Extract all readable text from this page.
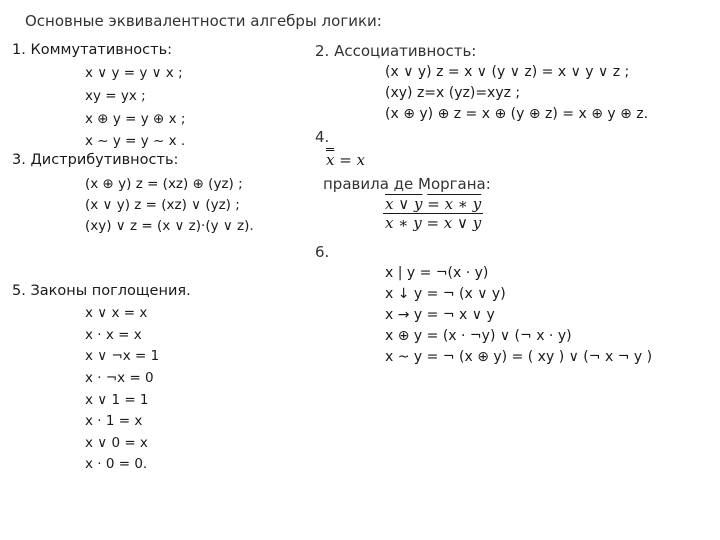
Основные эквивалентности алгебры логики:
1. Коммутативность:
x ∨ y = y ∨ x ;
xy = yx ;
x ⊕ y = y ⊕ x ;
x ~ y = y ~ x .
3. Дистрибутивность:
(x ⊕ y) z = (xz) ⊕ (yz) ;
(x ∨ y) z = (xz) ∨ (yz) ;
(xy) ∨ z = (x ∨ z)·(y ∨ z).
5. Законы поглощения.
x ∨ x = x
x · x = x
x ∨ ¬x = 1
x · ¬x = 0
x ∨ 1 = 1
x · 1 = x
x ∨ 0 = x
x · 0 = 0.
2. Ассоциативность:
(x ∨ y) z = x ∨ (y ∨ z) = x ∨ y ∨ z ;
(xy) z=x (yz)=xyz ;
(x ⊕ y) ⊕ z = x ⊕ (y ⊕ z) = x ⊕ y ⊕ z.
4.
$\overline{x} = x$
правила де Моргана:
$\frac{x \vee y = x ∗ y}{x ∗ y = x \vee y}$
6.
x | y = ¬(x · y)
x ↓ y = ¬ (x ∨ y)
x → y = ¬ x ∨ y
x ⊕ y = (x · ¬y) ∨ (¬ x · y)
x ~ y = ¬ (x ⊕ y) = ( xy ) ∨ (¬ x ¬ y )
